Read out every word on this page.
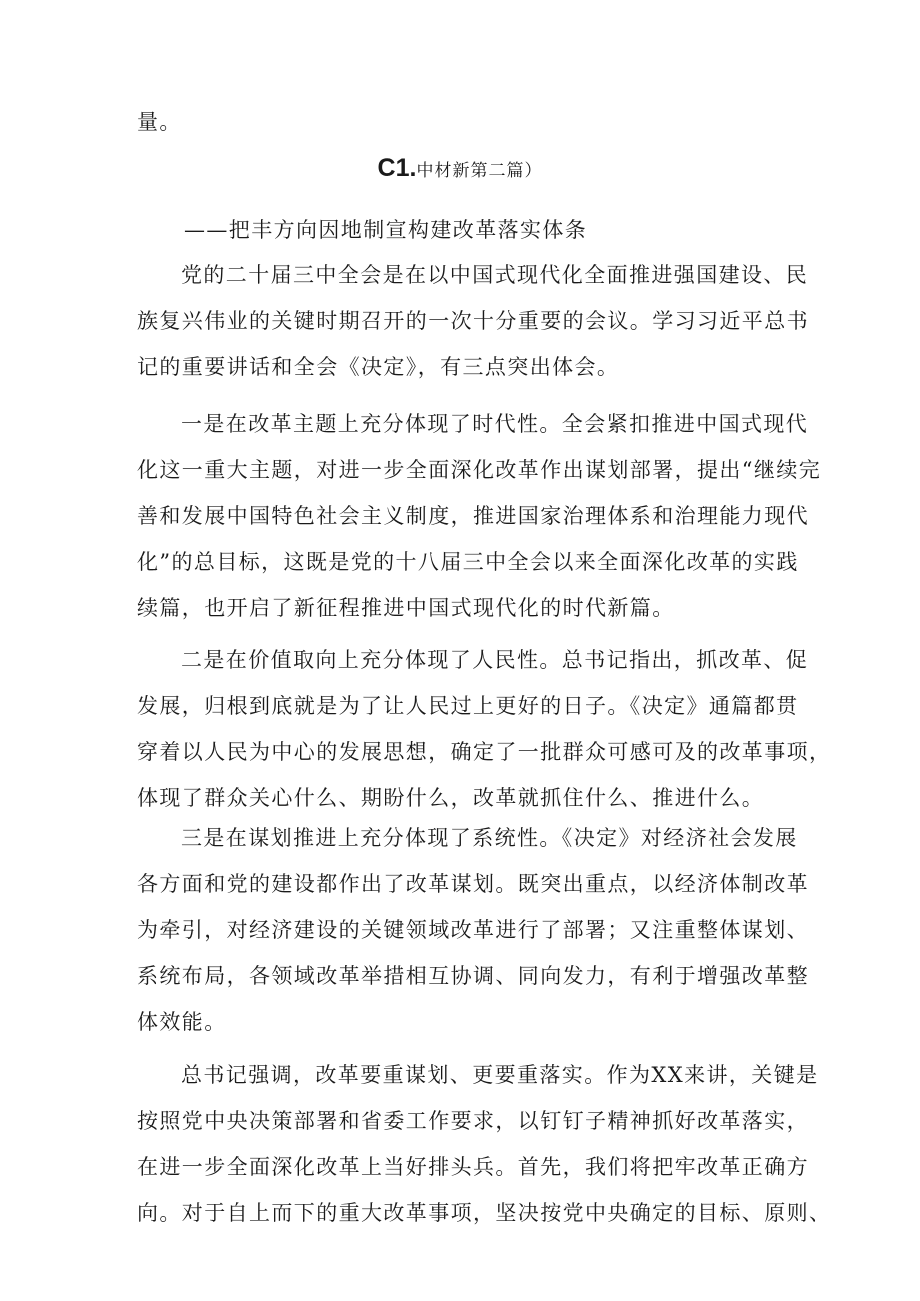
量。
C1.中材新第二篇）
——把丰方向因地制宣构建改革落实体条
党的二十届三中全会是在以中国式现代化全面推进强国建设、民
族复兴伟业的关键时期召开的一次十分重要的会议。学习习近平总书
记的重要讲话和全会《决定》，有三点突出体会。
一是在改革主题上充分体现了时代性。全会紧扣推进中国式现代
化这一重大主题，对进一步全面深化改革作出谋划部署，提出“继续完
善和发展中国特色社会主义制度，推进国家治理体系和治理能力现代
化”的总目标，这既是党的十八届三中全会以来全面深化改革的实践
续篇，也开启了新征程推进中国式现代化的时代新篇。
二是在价值取向上充分体现了人民性。总书记指出，抓改革、促
发展，归根到底就是为了让人民过上更好的日子。《决定》通篇都贯
穿着以人民为中心的发展思想，确定了一批群众可感可及的改革事项，
体现了群众关心什么、期盼什么，改革就抓住什么、推进什么。
三是在谋划推进上充分体现了系统性。《决定》对经济社会发展
各方面和党的建设都作出了改革谋划。既突出重点，以经济体制改革
为牵引，对经济建设的关键领域改革进行了部署；又注重整体谋划、
系统布局，各领域改革举措相互协调、同向发力，有利于增强改革整
体效能。
总书记强调，改革要重谋划、更要重落实。作为XX来讲，关键是
按照党中央决策部署和省委工作要求，以钉钉子精神抓好改革落实，
在进一步全面深化改革上当好排头兵。首先，我们将把牢改革正确方
向。对于自上而下的重大改革事项，坚决按党中央确定的目标、原则、
